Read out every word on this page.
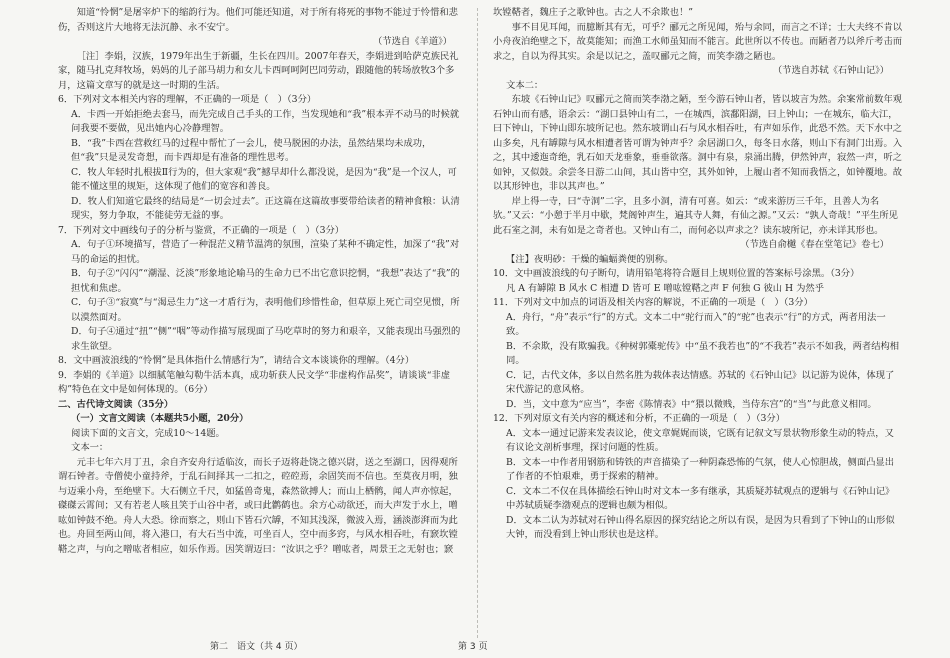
知道“怜惘”是屠宰炉下的缩韵行为。他们可能还知道，对于所有将死的事物不能过于怜惜和悲伤，否则这片大地将无法沉静、永不安宁。

（节选自《羊道》）

［注］李娟，汉族，1979年出生于新疆，生长在四川。2007年春天，李娟进到哈萨克族民礼家，随马扎克拜牧场，妈妈的儿子部马胡力和女儿卡西呵呵阿巴同劳动，跟随他的转场放牧3个多月，这篇文章写的就是这一时期的生活。

6．下列对文本相关内容的理解，不正确的一项是（　）（3分）

A．卡西一开始拒绝去套马，而先完成自己手头的工作，当发现她和“我”根本弄不动马的时候就问我要不要做，见出她内心冷静理智。

B．“我”卡西在营救红马的过程中帮忙了一会儿，使马脱困的办法，虽然结果均未成功，但“我”只是灵发奇想，而卡西却是有准备的理性思考。

C．牧人年轻时扎根拔Ⅱ行为的，但大家观“我”撼早却什么都没说，是因为“我”是一个汉人，可能不懂这里的规矩，这体现了他们的宽容和善良。

D．牧人们知道它最终的结局是“一切会过去”。正这篇在这篇故事要带给读者的精神食粮：认清现实，努力争取，不能徒劳无益的事。

7．下列对文中画线句子的分析与鉴赏，不正确的一项是（　）（3分）

A．句子①环境描写，营造了一种混茫义精节温湾的氛围，渲染了某种不确定性，加深了“我”对马的命运的担忧。

B．句子②“闪闪”“潮湿、泛淡”形象地论喻马的生命力已不出它意识挖惘，“我想”表达了“我”的担忧和焦虑。

C．句子③“寂寞”与“渴忌生力”这一才盾行为，表明他们珍惜性命，但草原上死亡司空见惯，所以漠然面对。

D．句子④通过“扭”“侧”“咽”等动作描写展现面了马吃草时的努力和艰辛，又能表现出马强烈的求生欲望。

8．文中画波浪线的“怜惘”是具体指什么情感行为”，请结合文本谈谈你的理解。（4分）

9．李娟的《羊道》以细腻笔触勾勒牛活本真，成功斩获人民文学“非虚构作品奖”，请谈谈“非虚构”特色在文中是如何体现的。（6分）

二、古代诗文阅读（35分）

（一）文言文阅读（本题共5小题，20分）

阅读下面的文言文，完成10～14题。

文本一：

元丰七年六月丁丑，余自齐安舟行适临汝，而长子迈将赴饶之德兴尉，送之至湖口，因得观所谓石钟者。寺僧使小童持斧，于乱石间择其一二扣之，硿硿焉，余固笑而不信也。至莫夜月明，独与迈乘小舟，至绝壁下。大石侧立千尺，如猛兽奇鬼，森然欲搏人；而山上栖鹘，闻人声亦惊起，磔磔云霄间；又有若老人咳且笑于山谷中者，或曰此鹳鹤也。余方心动欲还，而大声发于水上，噌吰如钟鼓不绝。舟人大恐。徐而察之，则山下皆石穴罅，不知其浅深，微波入焉，涵淡澎湃而为此也。舟回至两山间，将入港口，有大石当中流，可坐百人，空中而多窍，与风水相吞吐，有窾坎镗鞳之声，与向之噌吰者相应，如乐作焉。因笑谓迈曰：“汝识之乎？噌吰者，周景王之无射也；窾

坎镗鞳者，魏庄子之歌钟也。古之人不余欺也！”

事不目见耳闻，而臆断其有无，可乎？郦元之所见闻，殆与余同，而言之不详；士大夫终不肯以小舟夜泊绝壁之下，故莫能知；而渔工水师虽知而不能言。此世所以不传也。而陋者乃以斧斤考击而求之，自以为得其实。余是以记之，盖叹郦元之简，而笑李渤之陋也。

（节选自苏轼《石钟山记》）

文本二：

东坡《石钟山记》叹郦元之简而笑李渤之陋，至今游石钟山者，皆以坡言为然。余案常前数年观石钟山而有感，语余云：“湖口县钟山有二，一在城西，滨鄱阳湖，曰上钟山；一在城东，临大江，曰下钟山，下钟山即东坡所记也。然东坡谓山石与风水相吞吐，有声如乐作，此恐不然。天下水中之山多矣，凡有罅隙与风水相遭者皆可谓为钟声乎？余居湖口久，每冬日水落，则山下有洞门出焉。入之，其中逶迤奇绝，乳石如天龙垂象，垂垂欲落。洞中有泉，泉涌出腾，伊然钟声，寂然一声，听之如钟，又似鼓。余尝冬日游二山间，其山皆中空，其外如钟，上履山者不知而我悟之，如钟覆地。故以其形钟也，非以其声也。”

岸上得一寺，曰“寺洞”二字，且多小洞，清有可喜。如云：“或来游历三千年，且善人为名欤。”又云：“小憩于半月中歇，梵阁钟声生，遍其寺人舞，有仙之源。”又云：“孰人奇哉！”平生所见此石室之洞，未有如是之奇者也。又钟山有二，而何必以声求之？读东坡所记，亦未详其形也。

（节选自俞樾《春在堂笔记》卷七）

【注】夜明砂：干燥的蝙蝠粪便的别称。

10．文中画波浪线的句子断句，请用铅笔将符合题目上规则位置的答案标号涂黑。（3分）

凡 A 有罅隙 B 风水 C 相遭 D 皆可 E 噌吰镗鞳之声 F 何独 G 彼山 H 为然乎

11．下列对文中加点的词语及相关内容的解说，不正确的一项是（　）（3分）

A．舟行，“舟”表示“行”的方式。文本二中“驼行而入”的“驼”也表示“行”的方式，两者用法一致。

B．不余欺，没有欺骗我。《种树郭橐驼传》中“虽不我若也”的“不我若”表示不如我，两者结构相同。

C．记，古代文体，多以自然名胜为载体表达情感。苏轼的《石钟山记》以记游为说体，体现了宋代游记的意风格。

D．当，文中意为“应当”，李密《陈情表》中“猥以微贱，当侍东宫”的“当”与此意义相同。

12．下列对原文有关内容的概述和分析，不正确的一项是（　）（3分）

A．文本一通过记游来发表议论，使文章娓娓而谈，它既有记叙文写景状物形象生动的特点，又有议论文剖析事理，探讨问题的性质。

B．文本一中作者用钢筋和铸铁的声音描染了一种阴森恐怖的气氛，使人心惊胆战，侧面凸显出了作者的不怕艰难，勇于探索的精神。

C．文本二不仅在具体描绘石钟山时对文本一多有继承，其质疑苏轼观点的逻辑与《石钟山记》中苏轼质疑李渤观点的逻辑也颇为相似。

D．文本二认为苏轼对石钟山得名原因的探究结论之所以有误，是因为只看到了下钟山的山形似大钟，而没看到上钟山形状也是这样。

第二　语文（共 4 页）	第 3 页
